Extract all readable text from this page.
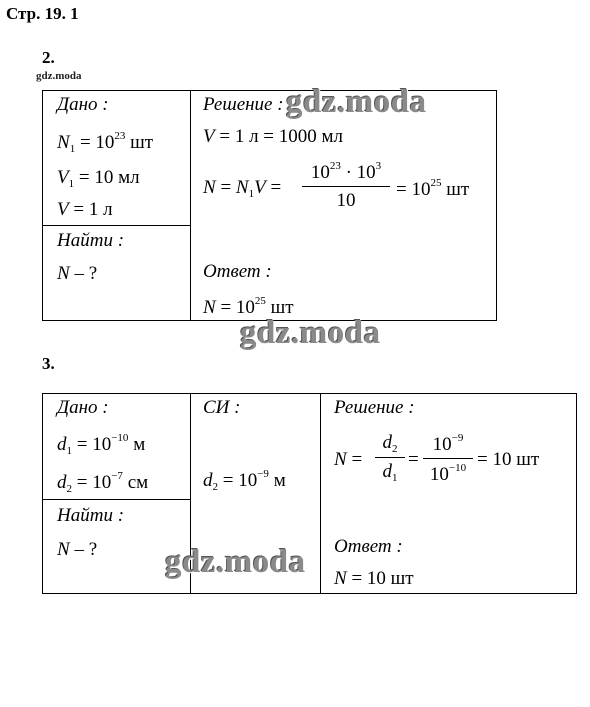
Стр. 19. 1
2.
gdz.moda
Дано :
$N_1 = 10^{23}$ шт
$V_1 = 10$ мл
V = 1 л
Найти :
N – ?
Решение :
V = 1 л = 1000 мл
$N = N_1V = \frac{10^{23} \cdot 10^3}{10} = 10^{25}$ шт
Ответ :
$N = 10^{25}$ шт
gdz.moda
gdz.moda
3.
Дано :
$d_1 = 10^{-10}$ м
$d_2 = 10^{-7}$ см
Найти :
N – ?
СИ :
$d_2 = 10^{-9}$ м
Решение :
$N = \frac{d_2}{d_1} = \frac{10^{-9}}{10^{-10}} = 10$ шт
Ответ :
N = 10 шт
gdz.moda
